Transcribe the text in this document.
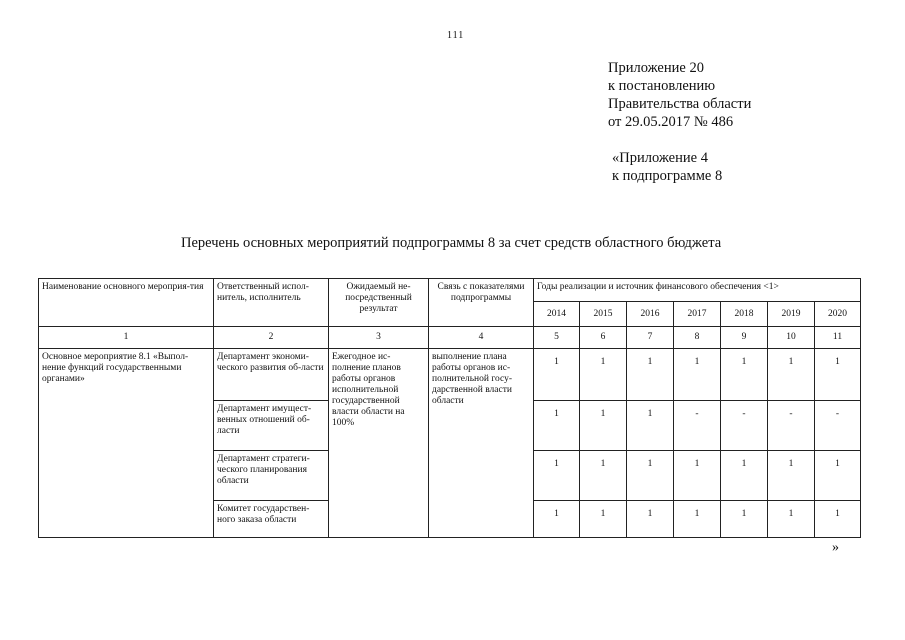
111
Приложение 20
к постановлению
Правительства области
от 29.05.2017 № 486
«Приложение 4
к подпрограмме 8
Перечень основных мероприятий подпрограммы 8 за счет средств областного бюджета
Наименование основного мероприя-тия	Ответственный испол-нитель, исполнитель	Ожидаемый не-посредственный результат	Связь с показателями подпрограммы	Годы реализации и источник финансового обеспечения <1>						
				2014	2015	2016	2017	2018	2019	2020
1	2	3	4	5	6	7	8	9	10	11
Основное мероприятие 8.1 «Выпол-нение функций государственными органами»	Департамент экономи-ческого развития об-ласти	Ежегодное ис-полнение планов работы органов исполнительной государственной власти области на 100%	выполнение плана работы органов ис-полнительной госу-дарственной власти области	1	1	1	1	1	1	1
	Департамент имущест-венных отношений об-ласти			1	1	1	-	-	-	-
	Департамент стратеги-ческого планирования области			1	1	1	1	1	1	1
	Комитет государствен-ного заказа области			1	1	1	1	1	1	1
»
